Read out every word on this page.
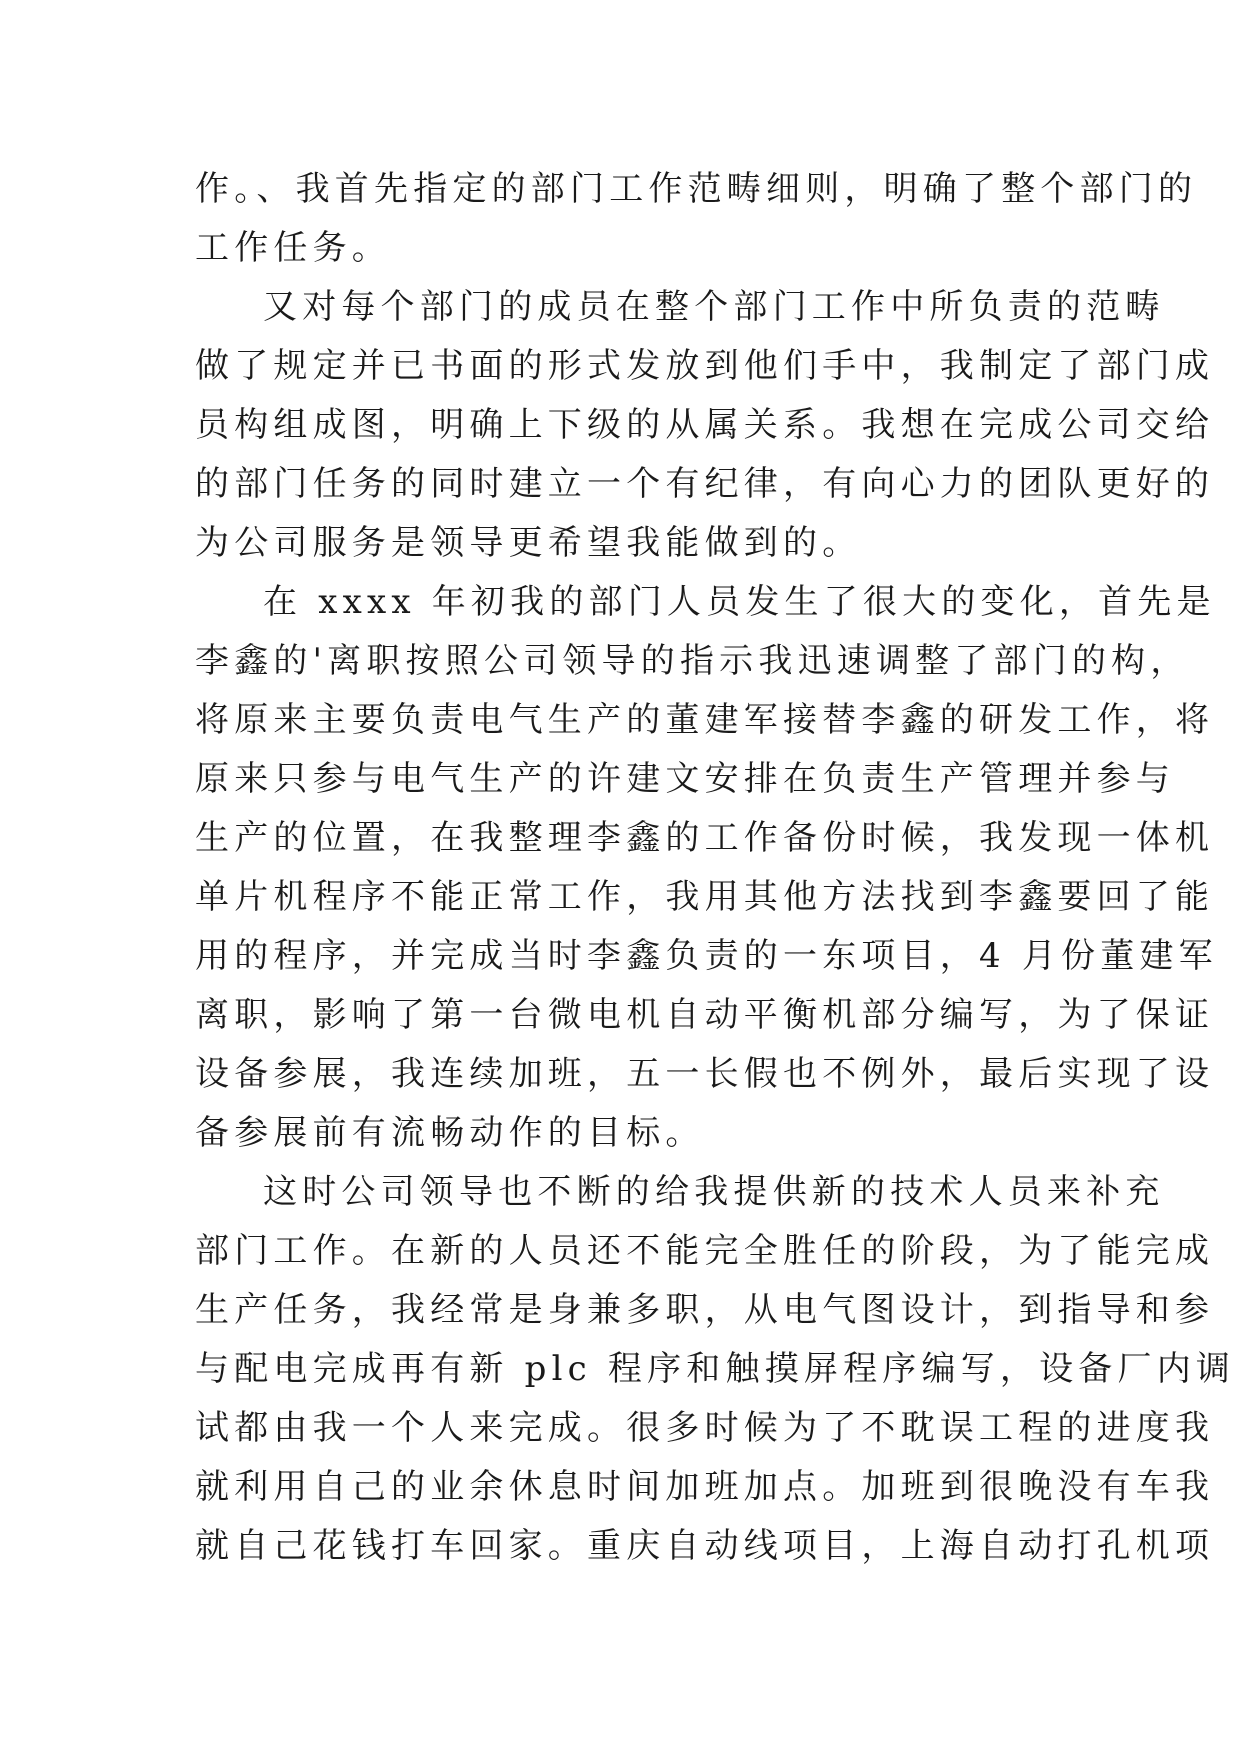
作。、我首先指定的部门工作范畴细则，明确了整个部门的
工作任务。
又对每个部门的成员在整个部门工作中所负责的范畴
做了规定并已书面的形式发放到他们手中，我制定了部门成
员构组成图，明确上下级的从属关系。我想在完成公司交给
的部门任务的同时建立一个有纪律，有向心力的团队更好的
为公司服务是领导更希望我能做到的。
在 xxxx 年初我的部门人员发生了很大的变化，首先是
李鑫的'离职按照公司领导的指示我迅速调整了部门的构，
将原来主要负责电气生产的董建军接替李鑫的研发工作，将
原来只参与电气生产的许建文安排在负责生产管理并参与
生产的位置，在我整理李鑫的工作备份时候，我发现一体机
单片机程序不能正常工作，我用其他方法找到李鑫要回了能
用的程序，并完成当时李鑫负责的一东项目，4 月份董建军
离职，影响了第一台微电机自动平衡机部分编写，为了保证
设备参展，我连续加班，五一长假也不例外，最后实现了设
备参展前有流畅动作的目标。
这时公司领导也不断的给我提供新的技术人员来补充
部门工作。在新的人员还不能完全胜任的阶段，为了能完成
生产任务，我经常是身兼多职，从电气图设计，到指导和参
与配电完成再有新 plc 程序和触摸屏程序编写，设备厂内调
试都由我一个人来完成。很多时候为了不耽误工程的进度我
就利用自己的业余休息时间加班加点。加班到很晚没有车我
就自己花钱打车回家。重庆自动线项目，上海自动打孔机项
